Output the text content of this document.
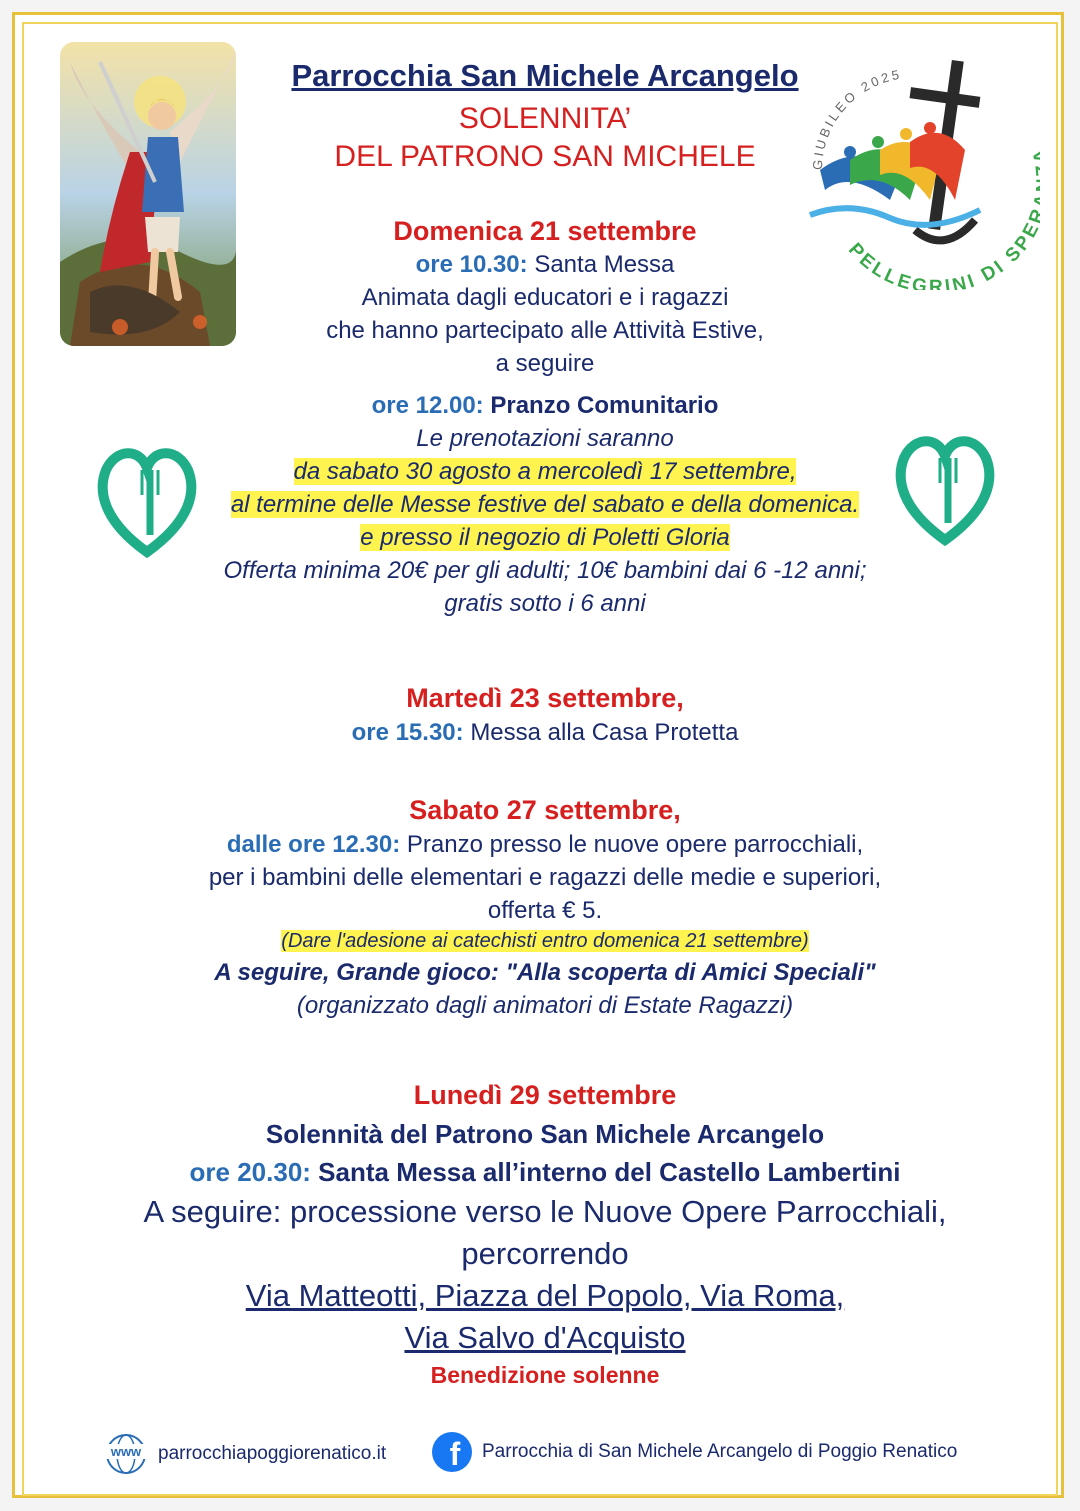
GIUBILEO 2025
PELLEGRINI DI SP
Parrocchia San Michele Arcangelo
SOLENNITA’
DEL PATRONO SAN MICHELE
Domenica 21 settembre
ore 10.30: Santa Messa
Animata dagli educatori e i ragazzi
che hanno partecipato alle Attività Estive,
a seguire
ore 12.00: Pranzo Comunitario
Le prenotazioni saranno
da sabato 30 agosto a mercoledì 17 settembre,
al termine delle Messe festive del sabato e della domenica.
e presso il negozio di Poletti Gloria
Offerta minima 20€ per gli adulti; 10€ bambini dai 6 -12 anni;
gratis sotto i 6 anni
Martedì 23 settembre,
ore 15.30: Messa alla Casa Protetta
Sabato 27 settembre,
dalle ore 12.30: Pranzo presso le nuove opere parrocchiali,
per i bambini delle elementari e ragazzi delle medie e superiori,
offerta € 5.
(Dare l'adesione ai catechisti entro domenica 21 settembre)
A seguire, Grande gioco: "Alla scoperta di Amici Speciali"
(organizzato dagli animatori di Estate Ragazzi)
Lunedì 29 settembre
Solennità del Patrono San Michele Arcangelo
ore 20.30: Santa Messa all’interno del Castello Lambertini
A seguire: processione verso le Nuove Opere Parrocchiali,
percorrendo
Via Matteotti, Piazza del Popolo, Via Roma,
Via Salvo d'Acquisto
Benedizione solenne
www parrocchiapoggiorenatico.it f Parrocchia di San Michele Arcangelo di Poggio Renatico
